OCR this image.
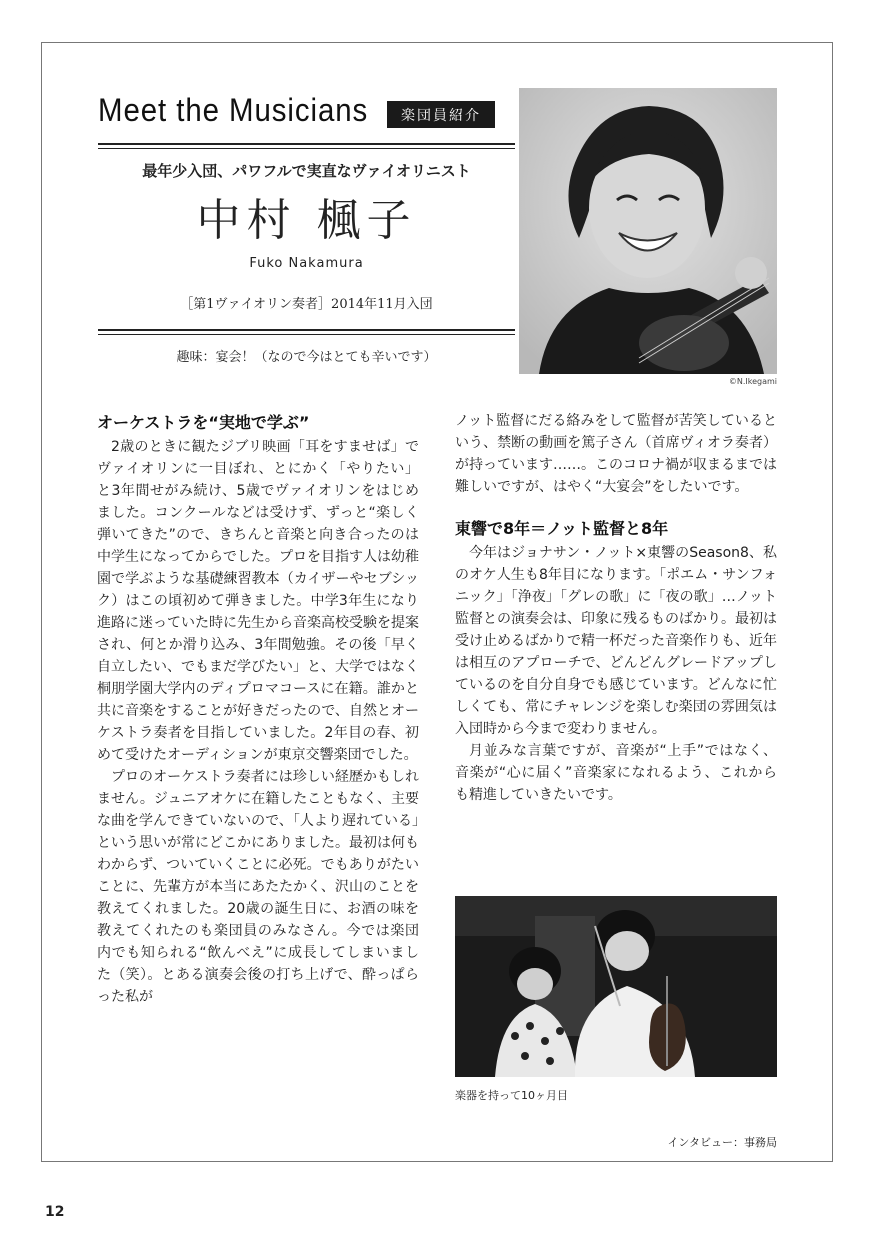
Meet the Musicians	楽団員紹介
最年少入団、パワフルで実直なヴァイオリニスト
中村 楓子
Fuko Nakamura
［第1ヴァイオリン奏者］2014年11月入団
趣味：宴会！（なので今はとても辛いです）
©N.Ikegami
オーケストラを“実地で学ぶ”

2歳のときに観たジブリ映画「耳をすませば」でヴァイオリンに一目ぼれ、とにかく「やりたい」と3年間せがみ続け、5歳でヴァイオリンをはじめました。コンクールなどは受けず、ずっと“楽しく弾いてきた”ので、きちんと音楽と向き合ったのは中学生になってからでした。プロを目指す人は幼稚園で学ぶような基礎練習教本（カイザーやセブシック）はこの頃初めて弾きました。中学3年生になり進路に迷っていた時に先生から音楽高校受験を提案され、何とか滑り込み、3年間勉強。その後「早く自立したい、でもまだ学びたい」と、大学ではなく桐朋学園大学内のディプロマコースに在籍。誰かと共に音楽をすることが好きだったので、自然とオーケストラ奏者を目指していました。2年目の春、初めて受けたオーディションが東京交響楽団でした。

プロのオーケストラ奏者には珍しい経歴かもしれません。ジュニアオケに在籍したこともなく、主要な曲を学んできていないので、「人より遅れている」という思いが常にどこかにありました。最初は何もわからず、ついていくことに必死。でもありがたいことに、先輩方が本当にあたたかく、沢山のことを教えてくれました。20歳の誕生日に、お酒の味を教えてくれたのも楽団員のみなさん。今では楽団内でも知られる“飲んべえ”に成長してしまいました（笑）。とある演奏会後の打ち上げで、酔っぱらった私が

ノット監督にだる絡みをして監督が苦笑しているという、禁断の動画を篤子さん（首席ヴィオラ奏者）が持っています……。このコロナ禍が収まるまでは難しいですが、はやく“大宴会”をしたいです。

東響で8年＝ノット監督と8年

今年はジョナサン・ノット×東響のSeason8、私のオケ人生も8年目になります。「ポエム・サンフォニック」「浄夜」「グレの歌」に「夜の歌」…ノット監督との演奏会は、印象に残るものばかり。最初は受け止めるばかりで精一杯だった音楽作りも、近年は相互のアプローチで、どんどんグレードアップしているのを自分自身でも感じています。どんなに忙しくても、常にチャレンジを楽しむ楽団の雰囲気は入団時から今まで変わりません。

月並みな言葉ですが、音楽が“上手”ではなく、音楽が“心に届く”音楽家になれるよう、これからも精進していきたいです。

楽器を持って10ヶ月目
インタビュー：事務局
12
